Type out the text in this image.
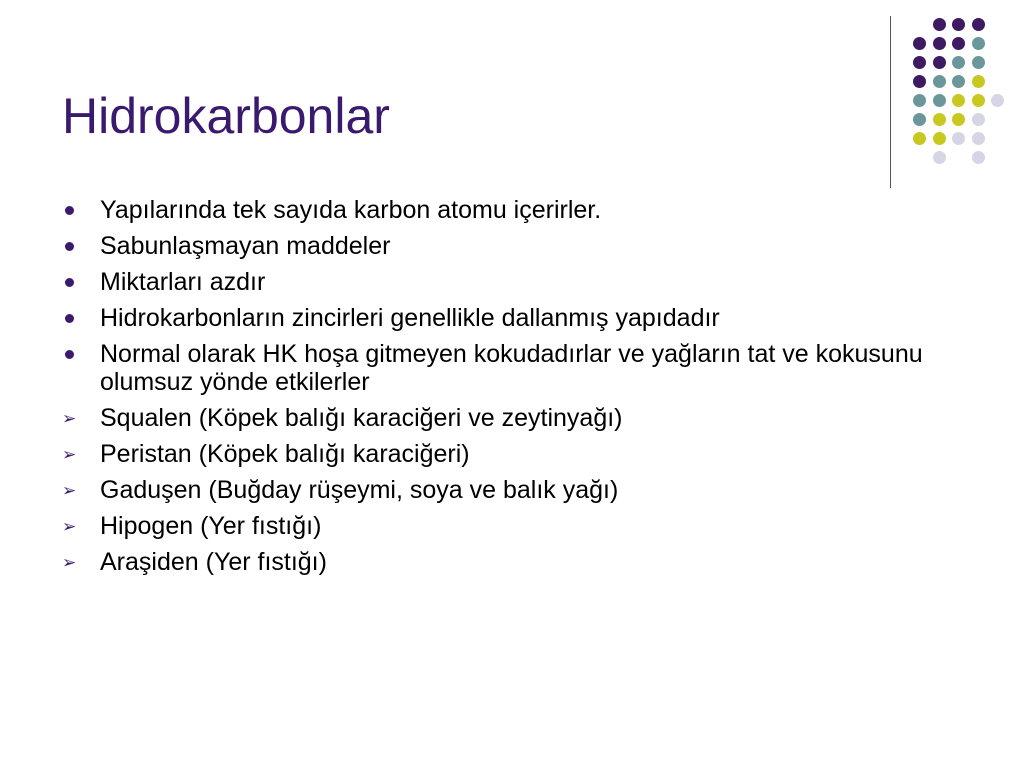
Hidrokarbonlar
Yapılarında tek sayıda karbon atomu içerirler.
Sabunlaşmayan maddeler
Miktarları azdır
Hidrokarbonların zincirleri genellikle dallanmış yapıdadır
Normal olarak HK hoşa gitmeyen kokudadırlar ve yağların tat ve kokusunu olumsuz yönde etkilerler
➢ Squalen (Köpek balığı karaciğeri ve zeytinyağı)
➢ Peristan (Köpek balığı karaciğeri)
➢ Gaduşen (Buğday rüşeymi, soya ve balık yağı)
➢ Hipogen (Yer fıstığı)
➢ Araşiden (Yer fıstığı)
